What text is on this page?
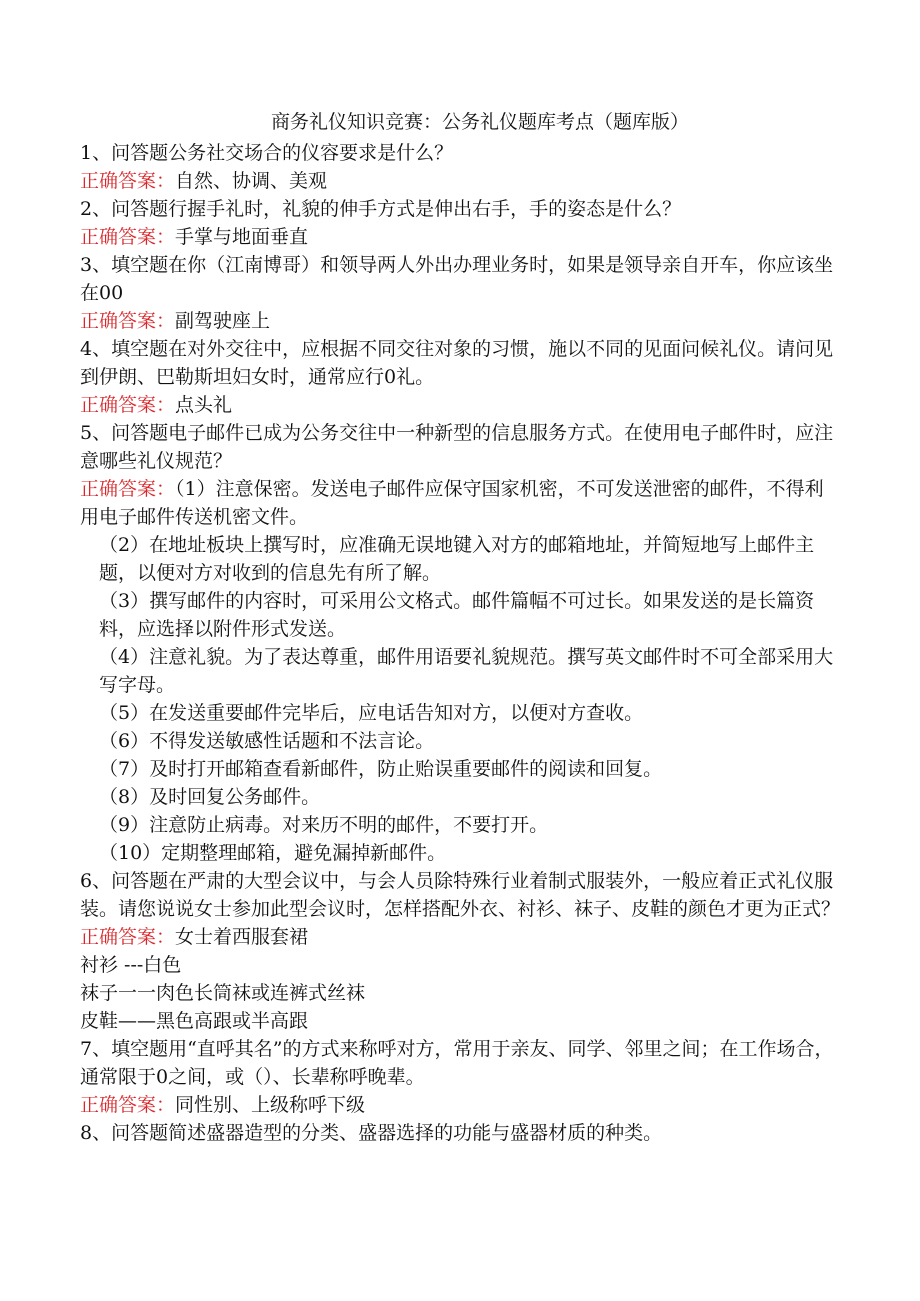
商务礼仪知识竞赛：公务礼仪题库考点（题库版）
1、问答题公务社交场合的仪容要求是什么？
正确答案：自然、协调、美观
2、问答题行握手礼时，礼貌的伸手方式是伸出右手，手的姿态是什么？
正确答案：手掌与地面垂直
3、填空题在你（江南博哥）和领导两人外出办理业务时，如果是领导亲自开车，你应该坐在00
正确答案：副驾驶座上
4、填空题在对外交往中，应根据不同交往对象的习惯，施以不同的见面问候礼仪。请问见到伊朗、巴勒斯坦妇女时，通常应行0礼。
正确答案：点头礼
5、问答题电子邮件已成为公务交往中一种新型的信息服务方式。在使用电子邮件时，应注意哪些礼仪规范？
正确答案：（1）注意保密。发送电子邮件应保守国家机密，不可发送泄密的邮件，不得利用电子邮件传送机密文件。
（2）在地址板块上撰写时，应准确无误地键入对方的邮箱地址，并简短地写上邮件主题，以便对方对收到的信息先有所了解。
（3）撰写邮件的内容时，可采用公文格式。邮件篇幅不可过长。如果发送的是长篇资料，应选择以附件形式发送。
（4）注意礼貌。为了表达尊重，邮件用语要礼貌规范。撰写英文邮件时不可全部采用大写字母。
（5）在发送重要邮件完毕后，应电话告知对方，以便对方查收。
（6）不得发送敏感性话题和不法言论。
（7）及时打开邮箱查看新邮件，防止贻误重要邮件的阅读和回复。
（8）及时回复公务邮件。
（9）注意防止病毒。对来历不明的邮件，不要打开。
（10）定期整理邮箱，避免漏掉新邮件。
6、问答题在严肃的大型会议中，与会人员除特殊行业着制式服装外，一般应着正式礼仪服装。请您说说女士参加此型会议时，怎样搭配外衣、衬衫、袜子、皮鞋的颜色才更为正式？
正确答案：女士着西服套裙
衬衫 ---白色
袜子一一肉色长筒袜或连裤式丝袜
皮鞋——黑色高跟或半高跟
7、填空题用“直呼其名”的方式来称呼对方，常用于亲友、同学、邻里之间；在工作场合，通常限于0之间，或（）、长辈称呼晚辈。
正确答案：同性别、上级称呼下级
8、问答题简述盛器造型的分类、盛器选择的功能与盛器材质的种类。
